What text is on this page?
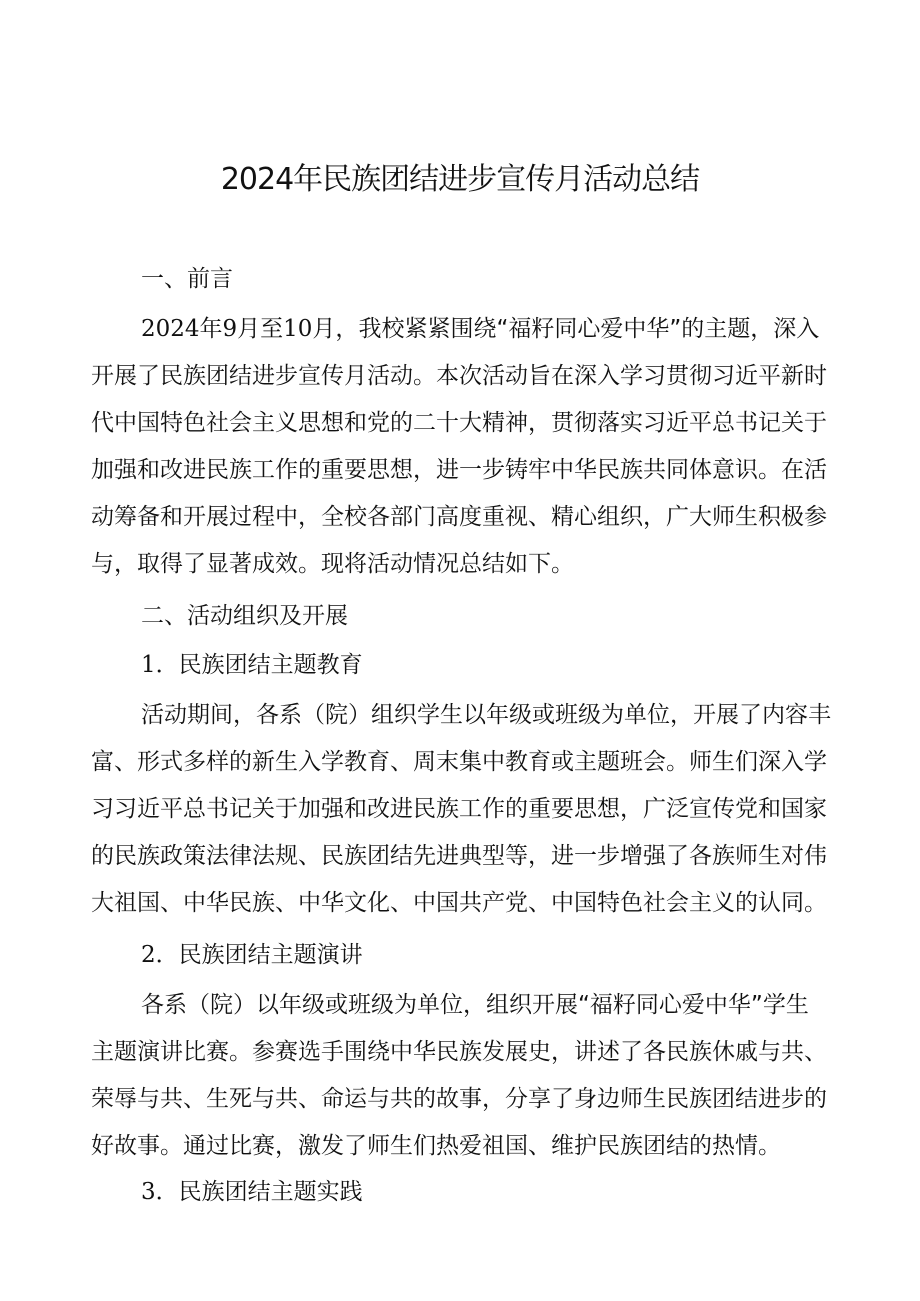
2024年民族团结进步宣传月活动总结
一、前言
2024年9月至10月，我校紧紧围绕“福籽同心爱中华”的主题，深入
开展了民族团结进步宣传月活动。本次活动旨在深入学习贯彻习近平新时
代中国特色社会主义思想和党的二十大精神，贯彻落实习近平总书记关于
加强和改进民族工作的重要思想，进一步铸牢中华民族共同体意识。在活
动筹备和开展过程中，全校各部门高度重视、精心组织，广大师生积极参
与，取得了显著成效。现将活动情况总结如下。
二、活动组织及开展
1．民族团结主题教育
活动期间，各系（院）组织学生以年级或班级为单位，开展了内容丰
富、形式多样的新生入学教育、周末集中教育或主题班会。师生们深入学
习习近平总书记关于加强和改进民族工作的重要思想，广泛宣传党和国家
的民族政策法律法规、民族团结先进典型等，进一步增强了各族师生对伟
大祖国、中华民族、中华文化、中国共产党、中国特色社会主义的认同。
2．民族团结主题演讲
各系（院）以年级或班级为单位，组织开展“福籽同心爱中华”学生
主题演讲比赛。参赛选手围绕中华民族发展史，讲述了各民族休戚与共、
荣辱与共、生死与共、命运与共的故事，分享了身边师生民族团结进步的
好故事。通过比赛，激发了师生们热爱祖国、维护民族团结的热情。
3．民族团结主题实践
